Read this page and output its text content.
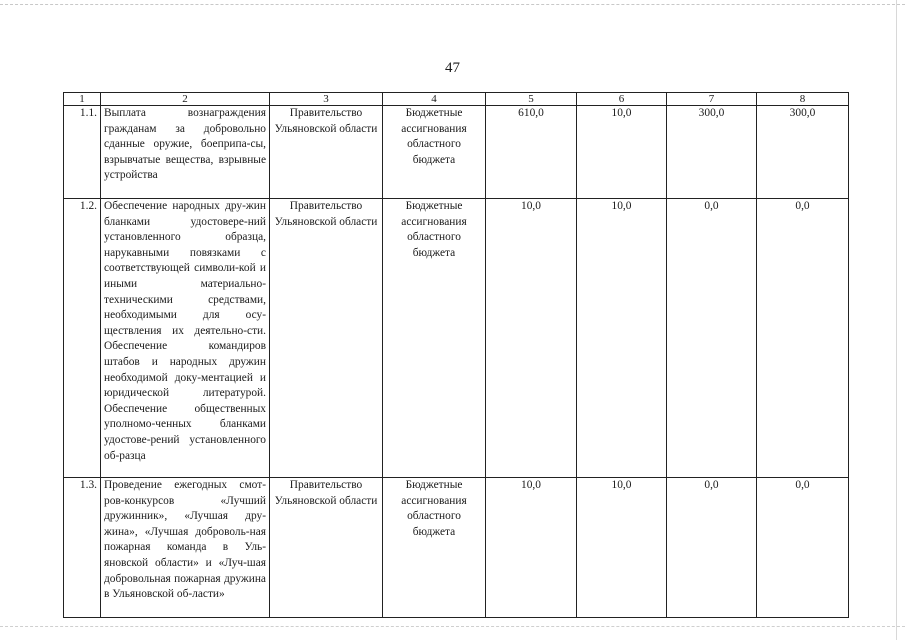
47
1	2	3	4	5	6	7	8
1.1.	Выплата вознаграждения гражданам за добровольно сданные оружие, боеприпа-сы, взрывчатые вещества, взрывные устройства	Правительство Ульяновской области	Бюджетные ассигнования областного бюджета	610,0	10,0	300,0	300,0
1.2.	Обеспечение народных дру-жин бланками удостовере-ний установленного образца, нарукавными повязками с соответствующей символи-кой и иными материально-техническими средствами, необходимыми для осу-ществления их деятельно-сти. Обеспечение командиров штабов и народных дружин необходимой доку-ментацией и юридической литературой. Обеспечение общественных уполномо-ченных бланками удостове-рений установленного об-разца	Правительство Ульяновской области	Бюджетные ассигнования областного бюджета	10,0	10,0	0,0	0,0
1.3.	Проведение ежегодных смот-ров-конкурсов «Лучший дружинник», «Лучшая дру-жина», «Лучшая доброволь-ная пожарная команда в Уль-яновской области» и «Луч-шая добровольная пожарная дружина в Ульяновской об-ласти»	Правительство Ульяновской области	Бюджетные ассигнования областного бюджета	10,0	10,0	0,0	0,0
